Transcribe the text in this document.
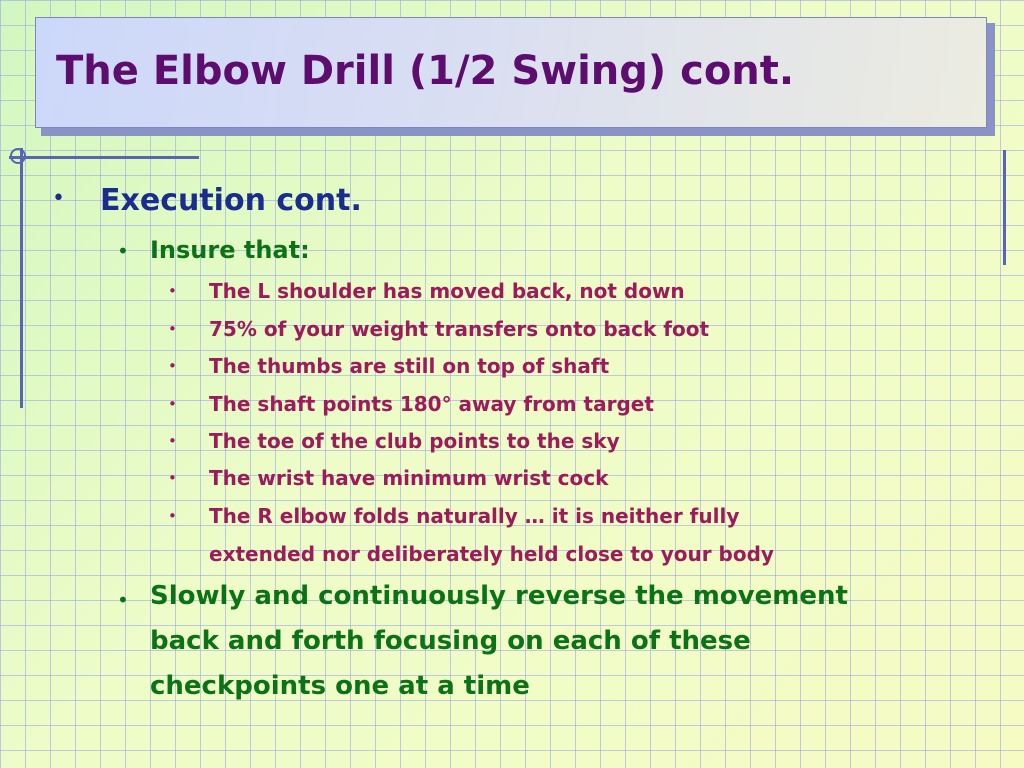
The Elbow Drill (1/2 Swing) cont.
• Execution cont.
• Insure that:
• The L shoulder has moved back, not down
• 75% of your weight transfers onto back foot
• The thumbs are still on top of shaft
• The shaft points 180° away from target
• The toe of the club points to the sky
• The wrist have minimum wrist cock
• The R elbow folds naturally … it is neither fully
extended nor deliberately held close to your body
• Slowly and continuously reverse the movement
back and forth focusing on each of these
checkpoints one at a time
